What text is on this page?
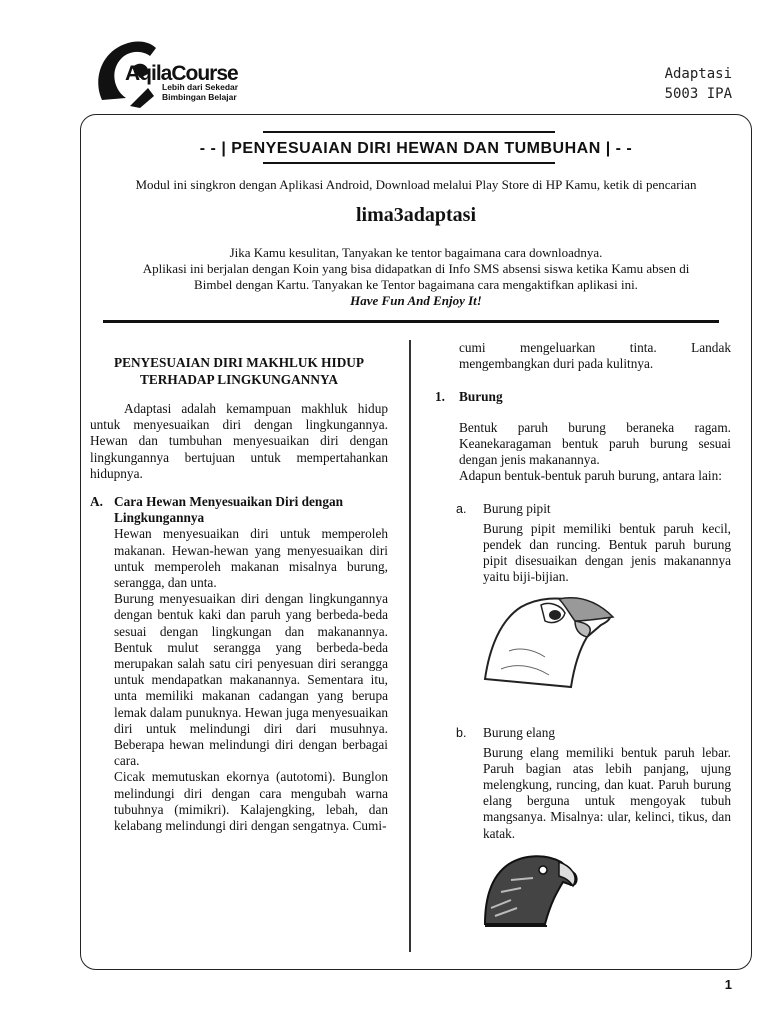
AqilaCourse
Lebih dari Sekedar
Bimbingan Belajar
Adaptasi
5003 IPA
- - | PENYESUAIAN DIRI HEWAN DAN TUMBUHAN | - -
Modul ini singkron dengan Aplikasi Android, Download melalui Play Store di HP Kamu, ketik di pencarian
lima3adaptasi
Jika Kamu kesulitan, Tanyakan ke tentor bagaimana cara downloadnya.
Aplikasi ini berjalan dengan Koin yang bisa didapatkan di Info SMS absensi siswa ketika Kamu absen di
Bimbel dengan Kartu. Tanyakan ke Tentor bagaimana cara mengaktifkan aplikasi ini.
Have Fun And Enjoy It!
PENYESUAIAN DIRI MAKHLUK HIDUP
TERHADAP LINGKUNGANNYA

Adaptasi adalah kemampuan makhluk hidup untuk menyesuaikan diri dengan lingkungannya. Hewan dan tumbuhan menyesuaikan diri dengan lingkungannya bertujuan untuk mempertahankan hidupnya.

A. Cara Hewan Menyesuaikan Diri dengan
Lingkungannya

Hewan menyesuaikan diri untuk memperoleh makanan. Hewan-hewan yang menyesuaikan diri untuk memperoleh makanan misalnya burung, serangga, dan unta.

Burung menyesuaikan diri dengan lingkungannya dengan bentuk kaki dan paruh yang berbeda-beda sesuai dengan lingkungan dan makanannya. Bentuk mulut serangga yang berbeda-beda merupakan salah satu ciri penyesuan diri serangga untuk mendapatkan makanannya. Sementara itu, unta memiliki makanan cadangan yang berupa lemak dalam punuknya. Hewan juga menyesuaikan diri untuk melindungi diri dari musuhnya. Beberapa hewan melindungi diri dengan berbagai cara.

Cicak memutuskan ekornya (autotomi). Bunglon melindungi diri dengan cara mengubah warna tubuhnya (mimikri). Kalajengking, lebah, dan kelabang melindungi diri dengan sengatnya. Cumi-

cumi mengeluarkan tinta. Landak

mengembangkan duri pada kulitnya.

1.	Burung

Bentuk paruh burung beraneka ragam. Keanekaragaman bentuk paruh burung sesuai dengan jenis makanannya.

Adapun bentuk-bentuk paruh burung, antara lain:

a.	Burung pipit

Burung pipit memiliki bentuk paruh kecil, pendek dan runcing. Bentuk paruh burung pipit disesuaikan dengan jenis makanannya yaitu biji-bijian.

b.	Burung elang

Burung elang memiliki bentuk paruh lebar. Paruh bagian atas lebih panjang, ujung melengkung, runcing, dan kuat. Paruh burung elang berguna untuk mengoyak tubuh mangsanya. Misalnya: ular, kelinci, tikus, dan katak.

1
